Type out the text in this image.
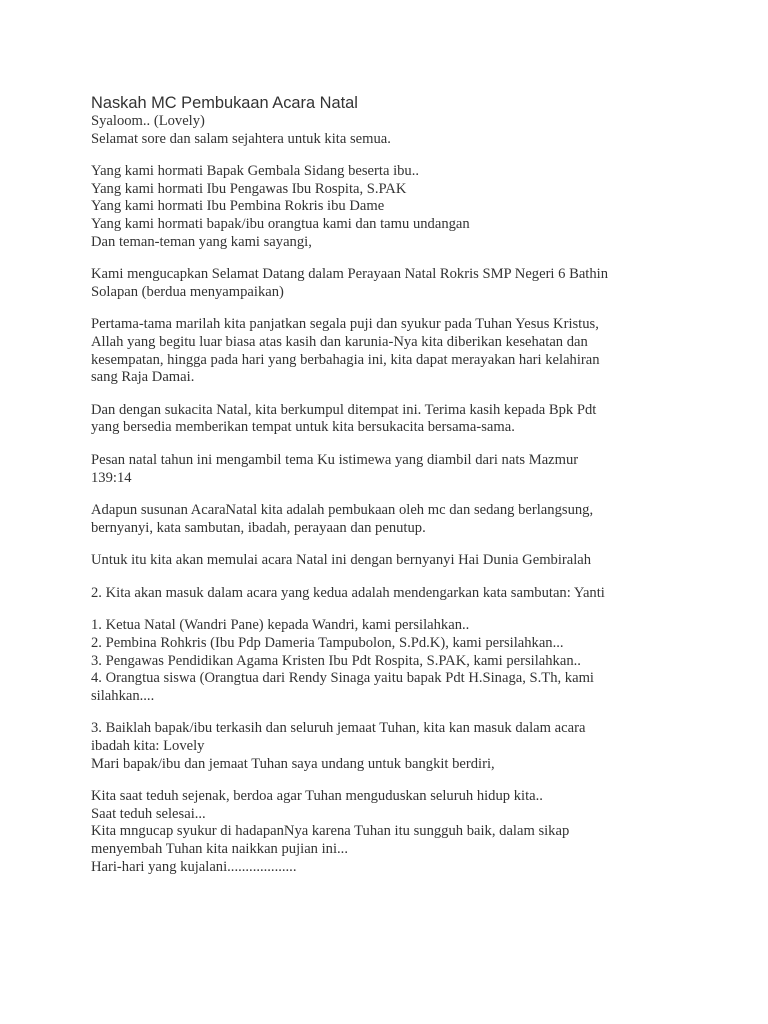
Naskah MC Pembukaan Acara Natal
Syaloom.. (Lovely)
Selamat sore dan salam sejahtera untuk kita semua.
Yang kami hormati Bapak Gembala Sidang beserta ibu..
Yang kami hormati Ibu Pengawas Ibu Rospita, S.PAK
Yang kami hormati Ibu Pembina Rokris ibu Dame
Yang kami hormati bapak/ibu orangtua kami dan tamu undangan
Dan teman-teman yang kami sayangi,
Kami mengucapkan Selamat Datang dalam Perayaan Natal Rokris SMP Negeri 6 Bathin
Solapan (berdua menyampaikan)
Pertama-tama marilah kita panjatkan segala puji dan syukur pada Tuhan Yesus Kristus,
Allah yang begitu luar biasa atas kasih dan karunia-Nya kita diberikan kesehatan dan
kesempatan, hingga pada hari yang berbahagia ini, kita dapat merayakan hari kelahiran
sang Raja Damai.
Dan dengan sukacita Natal, kita berkumpul ditempat ini. Terima kasih kepada Bpk Pdt
yang bersedia memberikan tempat untuk kita bersukacita bersama-sama.
Pesan natal tahun ini mengambil tema Ku istimewa yang diambil dari nats Mazmur
139:14
Adapun susunan AcaraNatal kita adalah pembukaan oleh mc dan sedang berlangsung,
bernyanyi, kata sambutan, ibadah, perayaan dan penutup.
Untuk itu kita akan memulai acara Natal ini dengan bernyanyi Hai Dunia Gembiralah
2. Kita akan masuk dalam acara yang kedua adalah mendengarkan kata sambutan: Yanti
1. Ketua Natal (Wandri Pane) kepada Wandri, kami persilahkan..
2. Pembina Rohkris (Ibu Pdp Dameria Tampubolon, S.Pd.K), kami persilahkan...
3. Pengawas Pendidikan Agama Kristen Ibu Pdt Rospita, S.PAK, kami persilahkan..
4. Orangtua siswa (Orangtua dari Rendy Sinaga yaitu bapak Pdt H.Sinaga, S.Th, kami
silahkan....
3. Baiklah bapak/ibu terkasih dan seluruh jemaat Tuhan, kita kan masuk dalam acara
ibadah kita: Lovely
Mari bapak/ibu dan jemaat Tuhan saya undang untuk bangkit berdiri,
Kita saat teduh sejenak, berdoa agar Tuhan menguduskan seluruh hidup kita..
Saat teduh selesai...
Kita mngucap syukur di hadapanNya karena Tuhan itu sungguh baik, dalam sikap
menyembah Tuhan kita naikkan pujian ini...
Hari-hari yang kujalani...................
